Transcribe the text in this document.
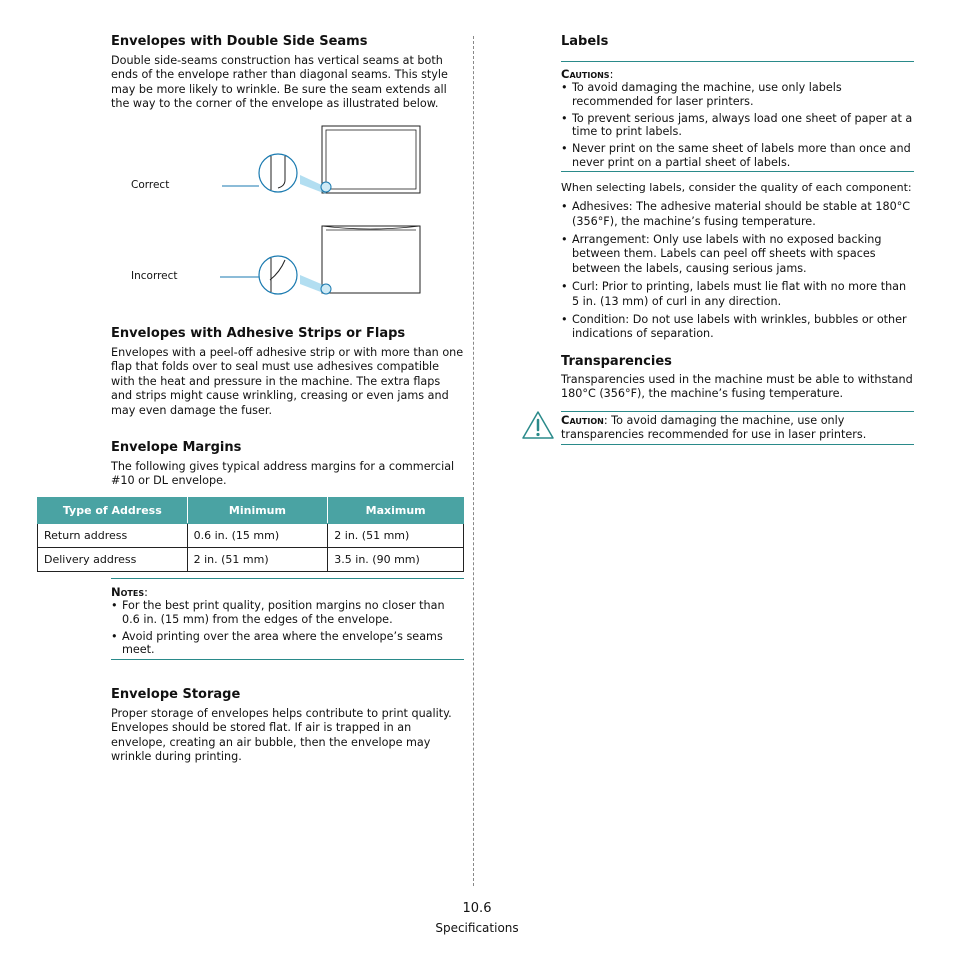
Envelopes with Double Side Seams

Double side-seams construction has vertical seams at both ends of the envelope rather than diagonal seams. This style may be more likely to wrinkle. Be sure the seam extends all the way to the corner of the envelope as illustrated below.

Correct
Incorrect
Envelopes with Adhesive Strips or Flaps

Envelopes with a peel-off adhesive strip or with more than one flap that folds over to seal must use adhesives compatible with the heat and pressure in the machine. The extra flaps and strips might cause wrinkling, creasing or even jams and may even damage the fuser.

Envelope Margins

The following gives typical address margins for a commercial #10 or DL envelope.

Type of Address	Minimum	Maximum
Return address	0.6 in. (15 mm)	2 in. (51 mm)
Delivery address	2 in. (51 mm)	3.5 in. (90 mm)
Notes:
• For the best print quality, position margins no closer than 0.6 in. (15 mm) from the edges of the envelope.
• Avoid printing over the area where the envelope’s seams meet.
Envelope Storage

Proper storage of envelopes helps contribute to print quality. Envelopes should be stored flat. If air is trapped in an envelope, creating an air bubble, then the envelope may wrinkle during printing.

Labels
Cautions:
• To avoid damaging the machine, use only labels recommended for laser printers.
• To prevent serious jams, always load one sheet of paper at a time to print labels.
• Never print on the same sheet of labels more than once and never print on a partial sheet of labels.

When selecting labels, consider the quality of each component:

• Adhesives: The adhesive material should be stable at 180°C (356°F), the machine’s fusing temperature.
• Arrangement: Only use labels with no exposed backing between them. Labels can peel off sheets with spaces between the labels, causing serious jams.
• Curl: Prior to printing, labels must lie flat with no more than 5 in. (13 mm) of curl in any direction.
• Condition: Do not use labels with wrinkles, bubbles or other indications of separation.
Transparencies

Transparencies used in the machine must be able to withstand 180°C (356°F), the machine’s fusing temperature.

Caution: To avoid damaging the machine, use only transparencies recommended for use in laser printers.
10.6
Specifications
